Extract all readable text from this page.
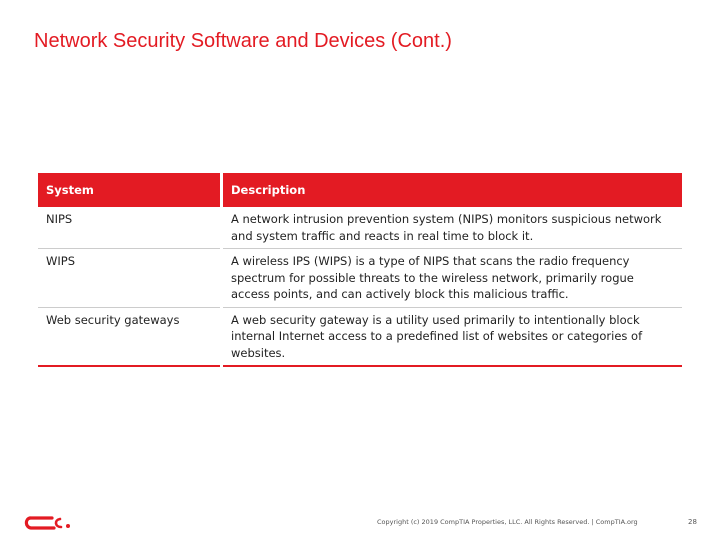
Network Security Software and Devices (Cont.)
System	Description
NIPS	A network intrusion prevention system (NIPS) monitors suspicious network and system traffic and reacts in real time to block it.
WIPS	A wireless IPS (WIPS) is a type of NIPS that scans the radio frequency spectrum for possible threats to the wireless network, primarily rogue access points, and can actively block this malicious traffic.
Web security gateways	A web security gateway is a utility used primarily to intentionally block internal Internet access to a predefined list of websites or categories of websites.
Copyright (c) 2019 CompTIA Properties, LLC. All Rights Reserved. | CompTIA.org	28
